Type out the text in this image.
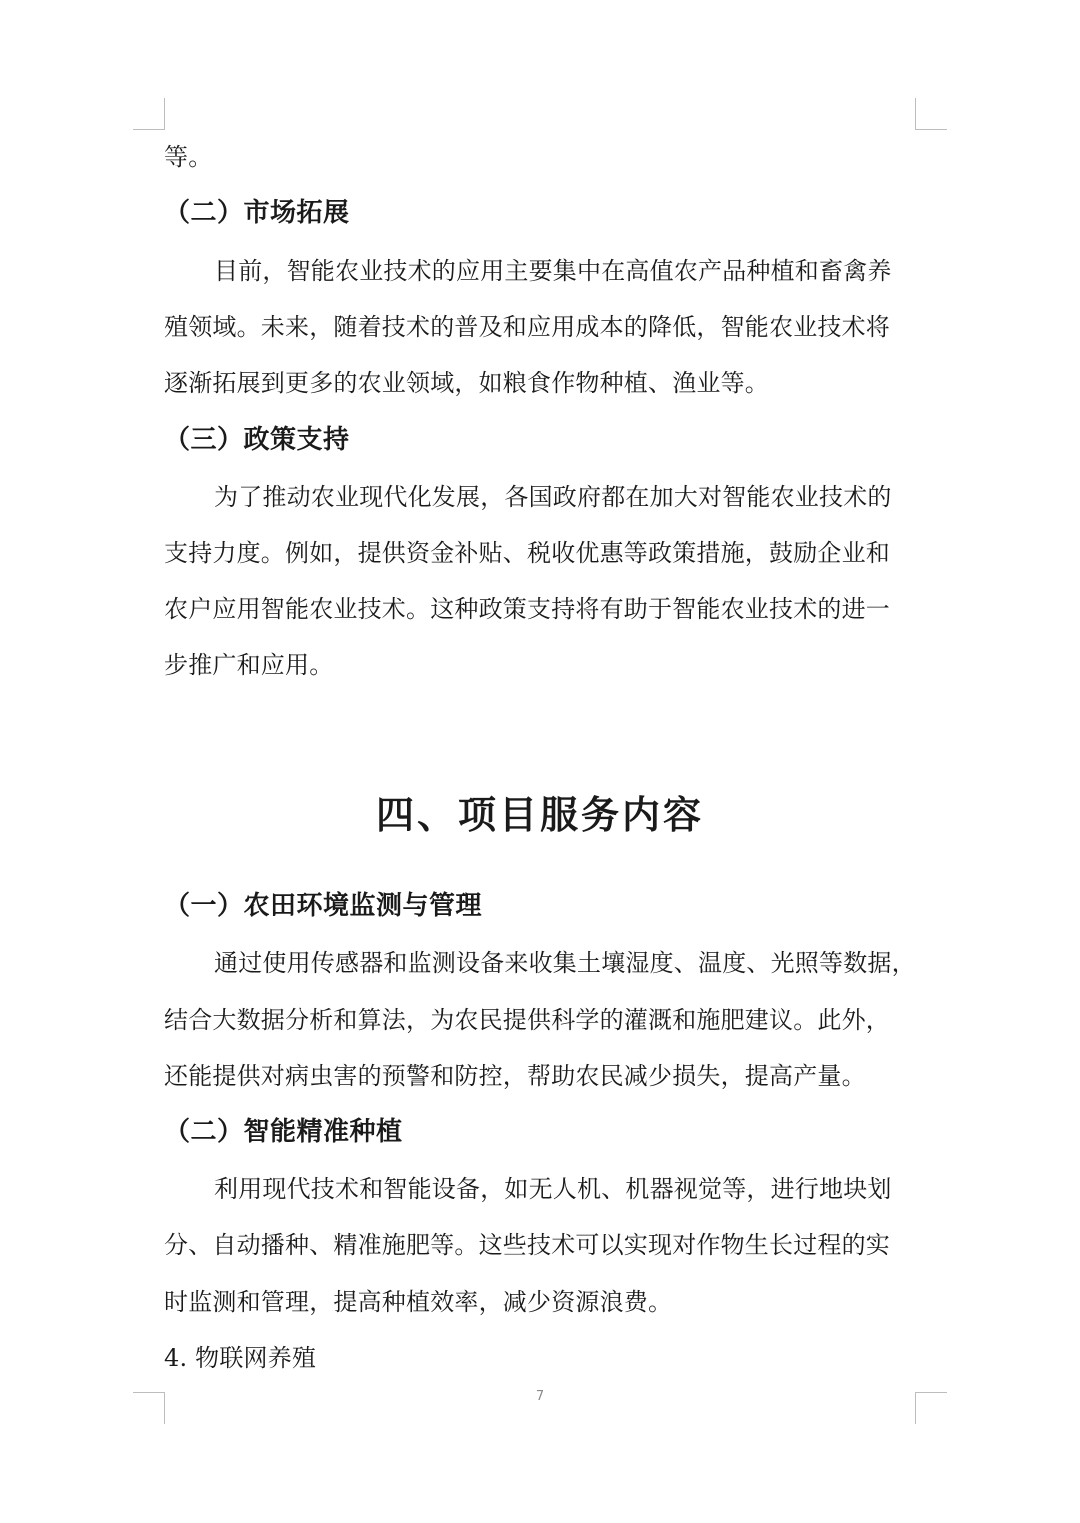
等。
（二）市场拓展
目前，智能农业技术的应用主要集中在高值农产品种植和畜禽养
殖领域。未来，随着技术的普及和应用成本的降低，智能农业技术将
逐渐拓展到更多的农业领域，如粮食作物种植、渔业等。
（三）政策支持
为了推动农业现代化发展，各国政府都在加大对智能农业技术的
支持力度。例如，提供资金补贴、税收优惠等政策措施，鼓励企业和
农户应用智能农业技术。这种政策支持将有助于智能农业技术的进一
步推广和应用。
四、项目服务内容
（一）农田环境监测与管理
通过使用传感器和监测设备来收集土壤湿度、温度、光照等数据，
结合大数据分析和算法，为农民提供科学的灌溉和施肥建议。此外，
还能提供对病虫害的预警和防控，帮助农民减少损失，提高产量。
（二）智能精准种植
利用现代技术和智能设备，如无人机、机器视觉等，进行地块划
分、自动播种、精准施肥等。这些技术可以实现对作物生长过程的实
时监测和管理，提高种植效率，减少资源浪费。
4. 物联网养殖
7
